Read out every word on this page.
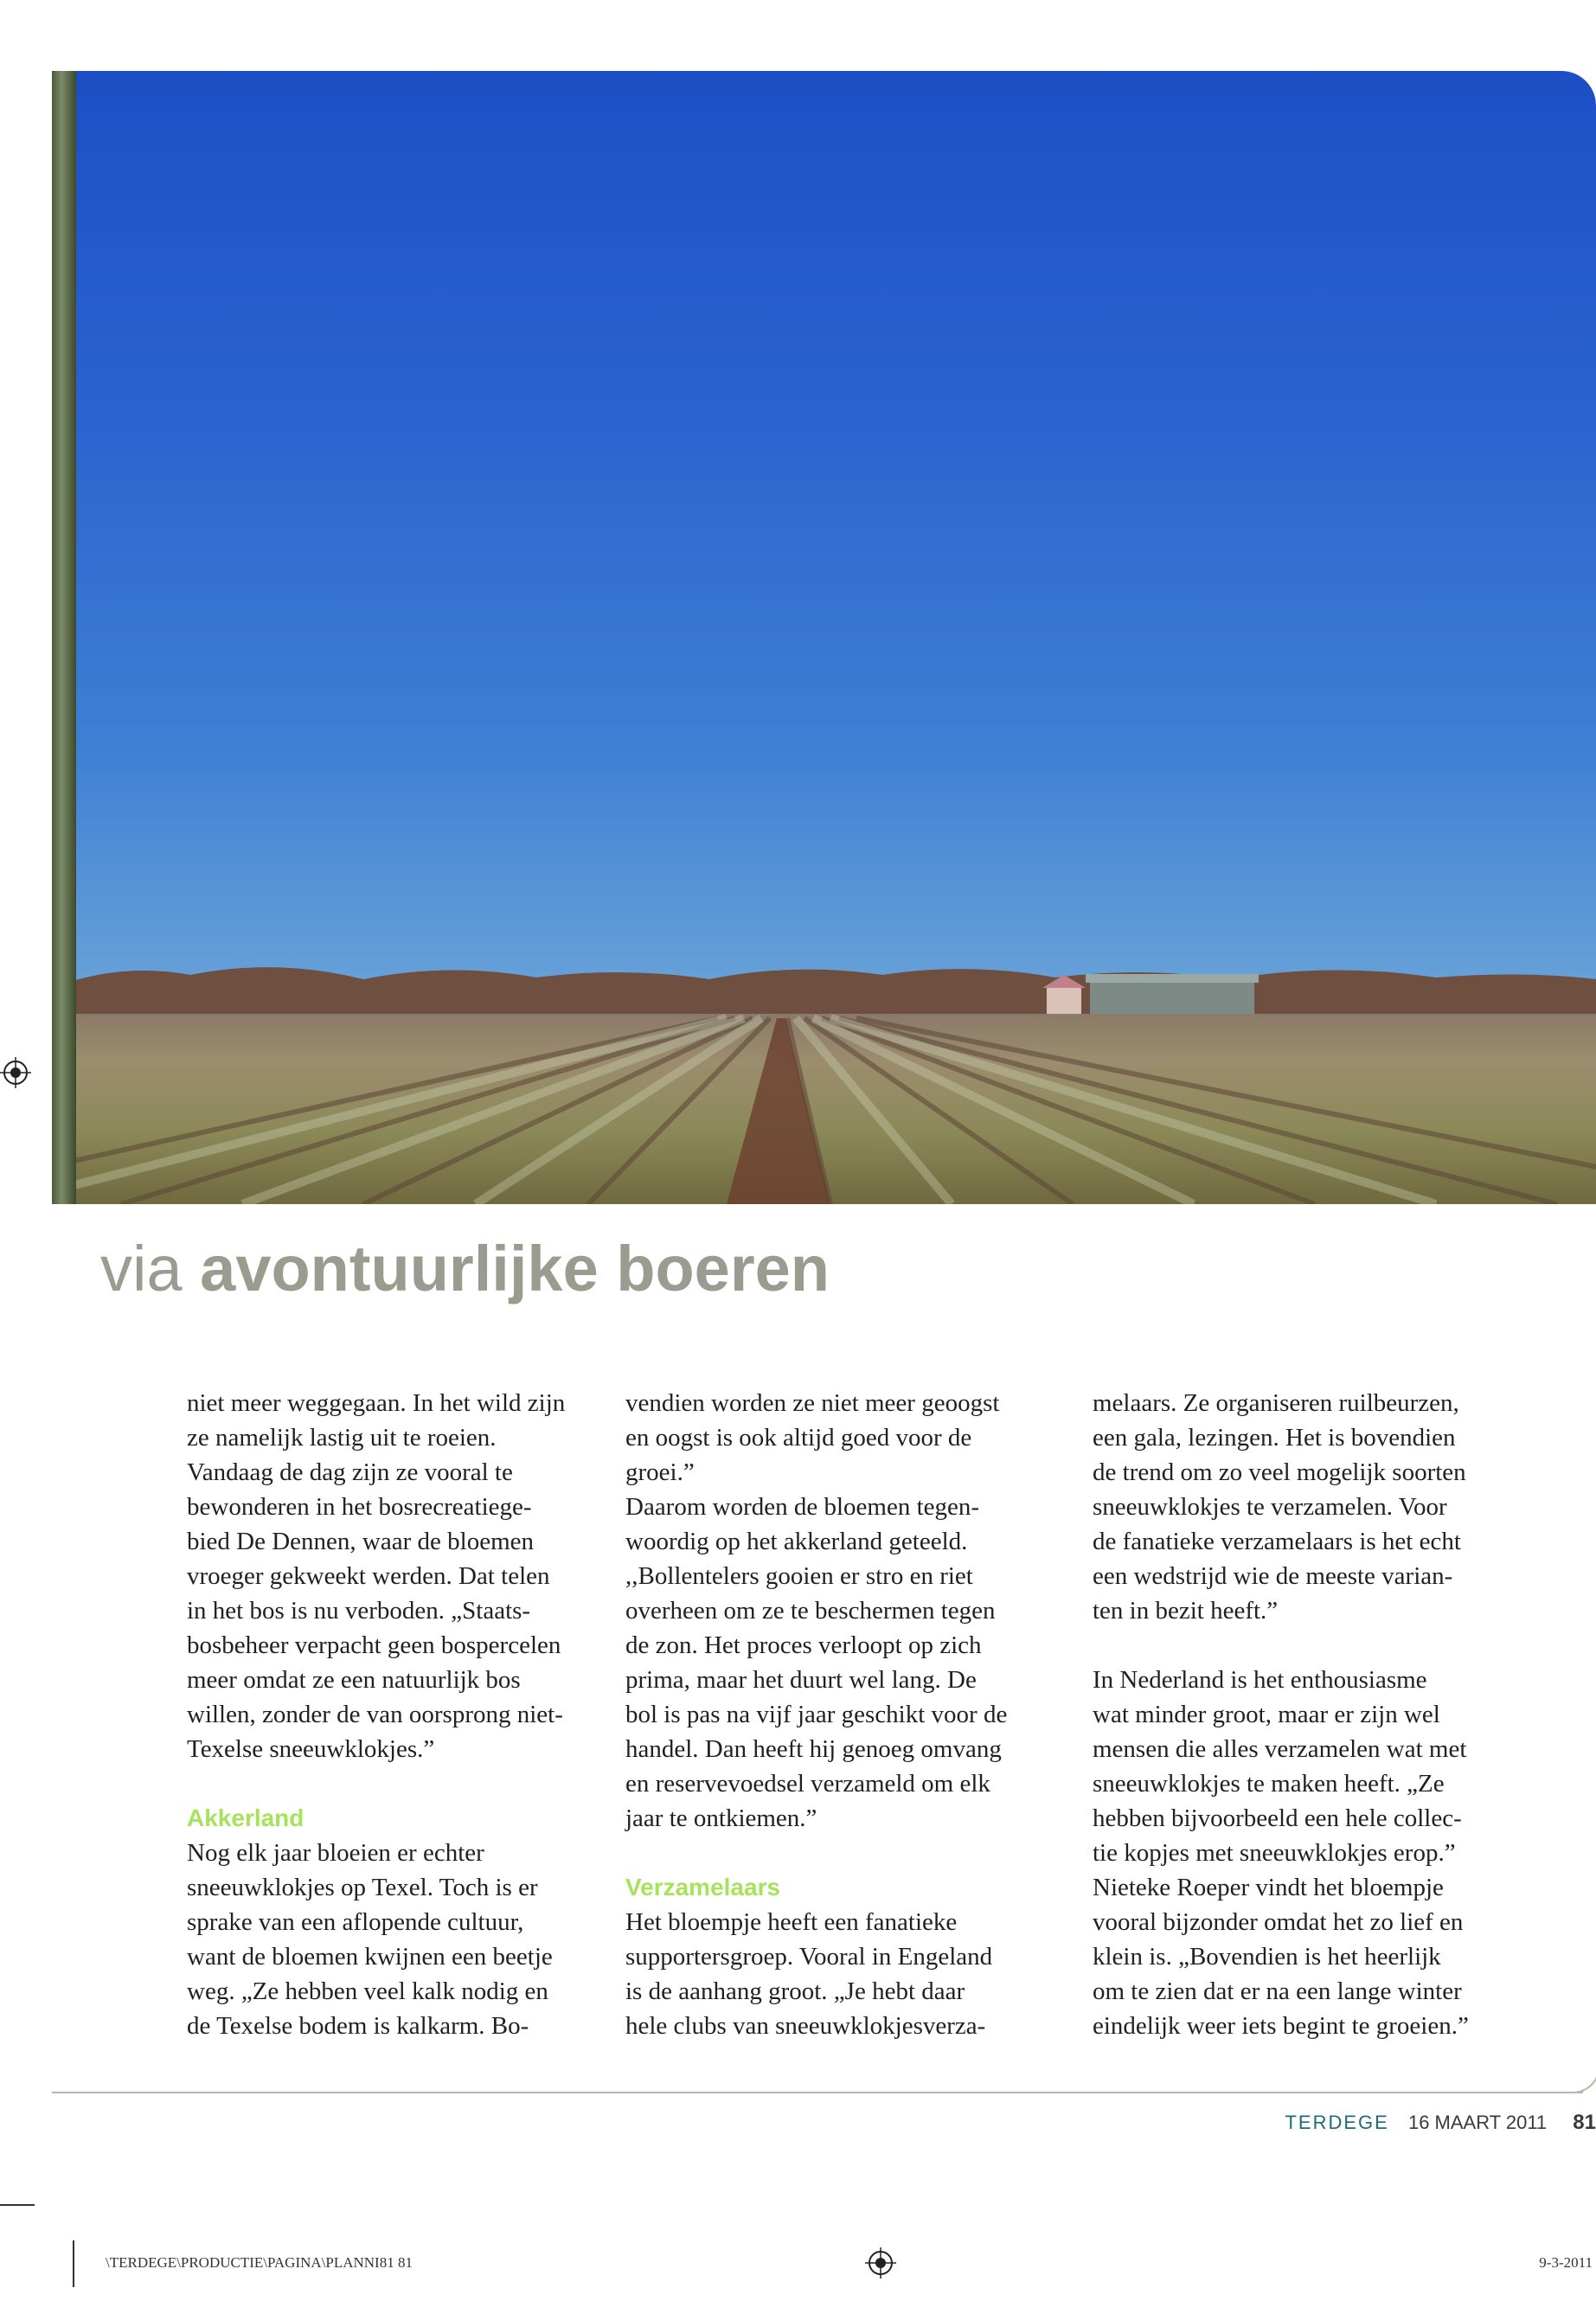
via avontuurlijke boeren

niet meer weggegaan. In het wild zijn
ze namelijk lastig uit te roeien.
Vandaag de dag zijn ze vooral te
bewonderen in het bosrecreatiege-
bied De Dennen, waar de bloemen
vroeger gekweekt werden. Dat telen
in het bos is nu verboden. „Staats-
bosbeheer verpacht geen bospercelen
meer omdat ze een natuurlijk bos
willen, zonder de van oorsprong niet-
Texelse sneeuwklokjes.”

Akkerland

Nog elk jaar bloeien er echter
sneeuwklokjes op Texel. Toch is er
sprake van een aflopende cultuur,
want de bloemen kwijnen een beetje
weg. „Ze hebben veel kalk nodig en
de Texelse bodem is kalkarm. Bo-

vendien worden ze niet meer geoogst
en oogst is ook altijd goed voor de
groei.”
Daarom worden de bloemen tegen-
woordig op het akkerland geteeld.
,,Bollentelers gooien er stro en riet
overheen om ze te beschermen tegen
de zon. Het proces verloopt op zich
prima, maar het duurt wel lang. De
bol is pas na vijf jaar geschikt voor de
handel. Dan heeft hij genoeg omvang
en reservevoedsel verzameld om elk
jaar te ontkiemen.”

Verzamelaars

Het bloempje heeft een fanatieke
supportersgroep. Vooral in Engeland
is de aanhang groot. „Je hebt daar
hele clubs van sneeuwklokjesverza-

melaars. Ze organiseren ruilbeurzen,
een gala, lezingen. Het is bovendien
de trend om zo veel mogelijk soorten
sneeuwklokjes te verzamelen. Voor
de fanatieke verzamelaars is het echt
een wedstrijd wie de meeste varian-
ten in bezit heeft.”

In Nederland is het enthousiasme
wat minder groot, maar er zijn wel
mensen die alles verzamelen wat met
sneeuwklokjes te maken heeft. „Ze
hebben bijvoorbeeld een hele collec-
tie kopjes met sneeuwklokjes erop.”
Nieteke Roeper vindt het bloempje
vooral bijzonder omdat het zo lief en
klein is. „Bovendien is het heerlijk
om te zien dat er na een lange winter
eindelijk weer iets begint te groeien.”

TERDEGE 16 MAART 2011 81
\TERDEGE\PRODUCTIE\PAGINA\PLANNI81 81	9-3-2011
